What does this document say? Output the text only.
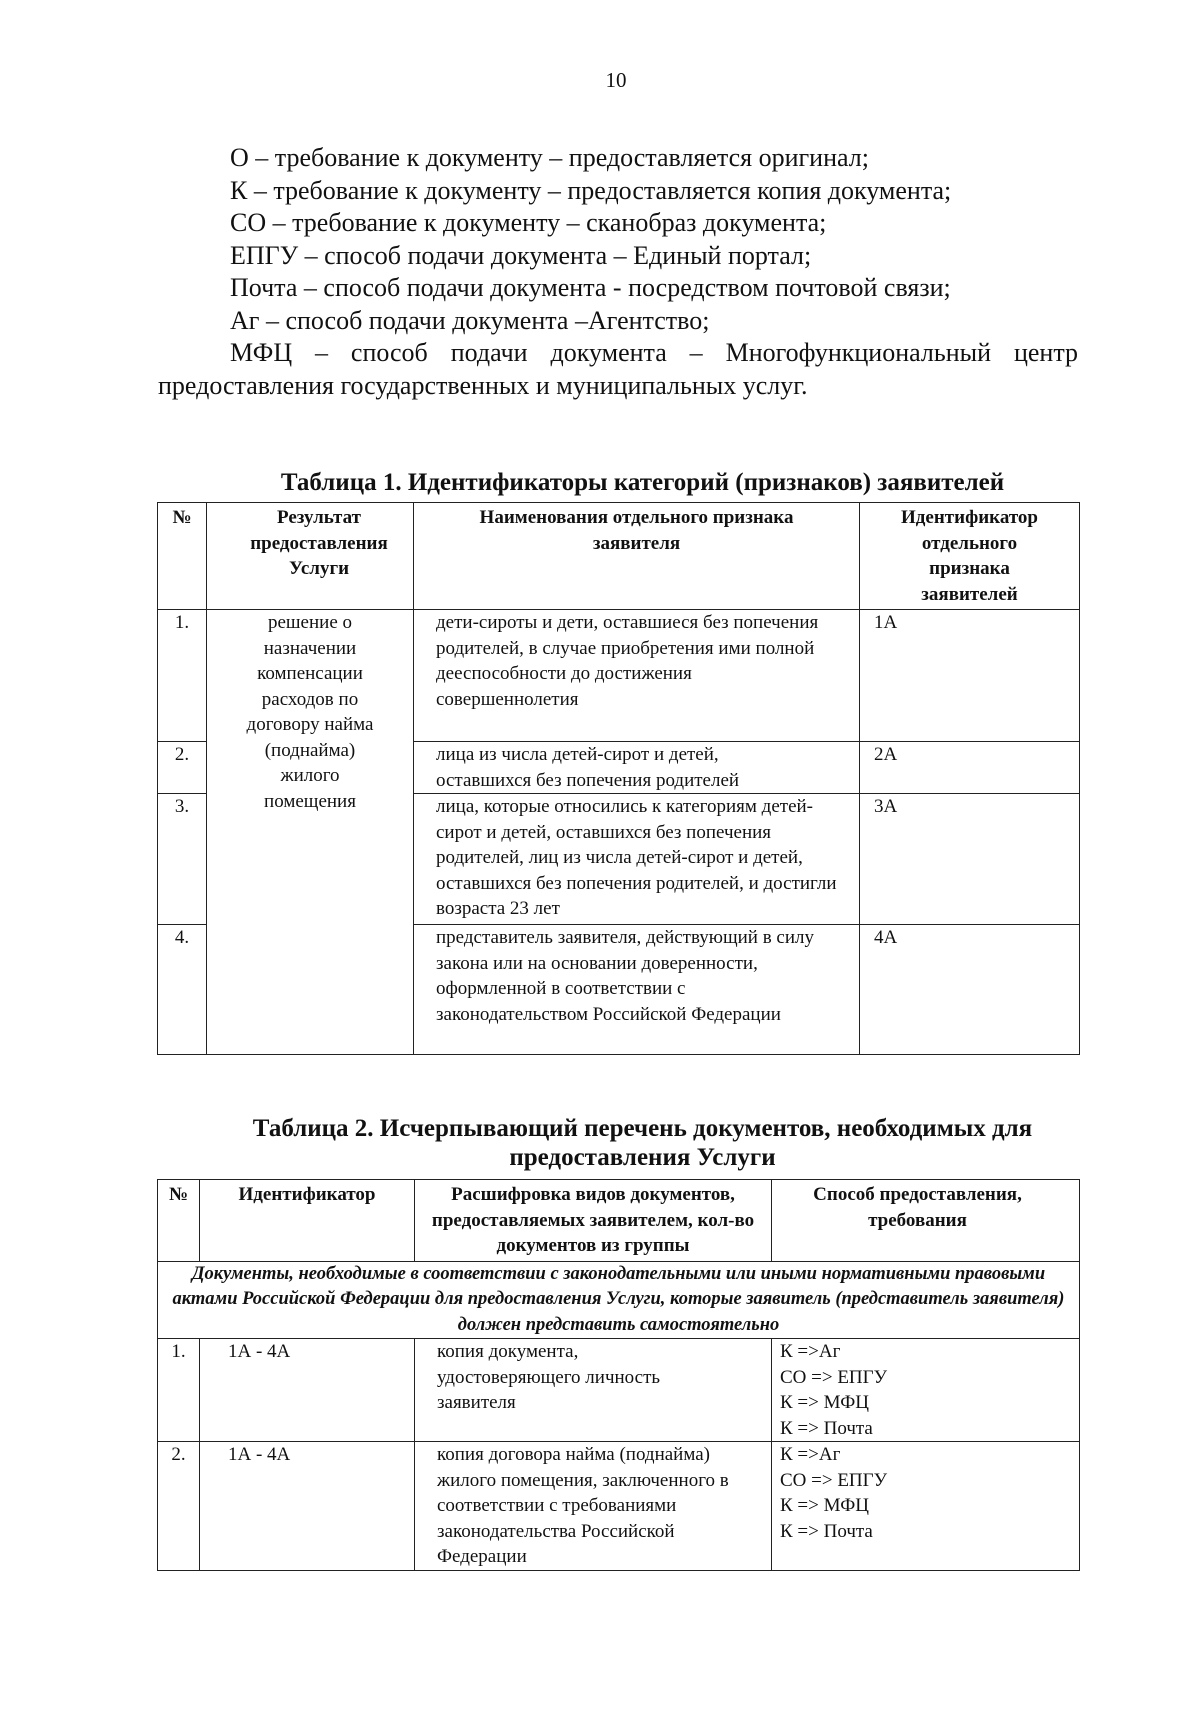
10
О – требование к документу – предоставляется оригинал;
К – требование к документу – предоставляется копия документа;
СО – требование к документу – сканобраз документа;
ЕПГУ – способ подачи документа – Единый портал;
Почта – способ подачи документа - посредством почтовой связи;
Аг – способ подачи документа –Агентство;
МФЦ – способ подачи документа – Многофункциональный центр предоставления государственных и муниципальных услуг.
Таблица 1. Идентификаторы категорий (признаков) заявителей
№	Результат предоставления Услуги	Наименования отдельного признака заявителя	Идентификатор отдельного признака заявителей
1.	решение о назначении компенсации расходов по договору найма (поднайма) жилого помещения	дети-сироты и дети, оставшиеся без попечения родителей, в случае приобретения ими полной дееспособности до достижения совершеннолетия	1А
2.		лица из числа детей-сирот и детей, оставшихся без попечения родителей	2А
3.		лица, которые относились к категориям детей-сирот и детей, оставшихся без попечения родителей, лиц из числа детей-сирот и детей, оставшихся без попечения родителей, и достигли возраста 23 лет	3А
4.		представитель заявителя, действующий в силу закона или на основании доверенности, оформленной в соответствии с законодательством Российской Федерации	4А
Таблица 2. Исчерпывающий перечень документов, необходимых для предоставления Услуги
№	Идентификатор	Расшифровка видов документов, предоставляемых заявителем, кол-во документов из группы	Способ предоставления, требования
Документы, необходимые в соответствии с законодательными или иными нормативными правовыми актами Российской Федерации для предоставления Услуги, которые заявитель (представитель заявителя) должен представить самостоятельно			
1.	1А - 4А	копия документа, удостоверяющего личность заявителя	К =>Аг
СО => ЕПГУ
К => МФЦ
К => Почта

2.	1А - 4А	копия договора найма (поднайма) жилого помещения, заключенного в соответствии с требованиями законодательства Российской Федерации	К =>Аг
СО => ЕПГУ
К => МФЦ
К => Почта
